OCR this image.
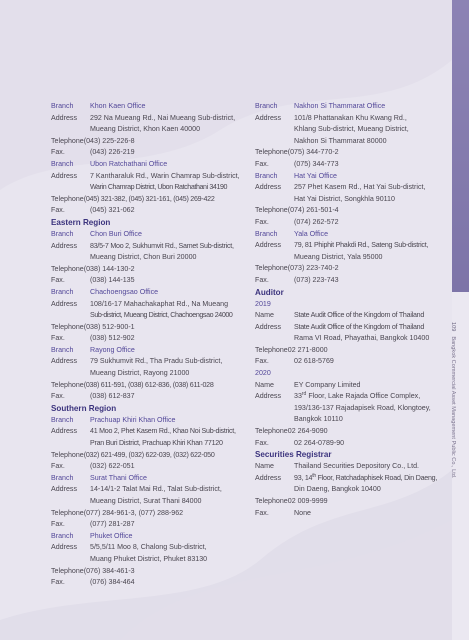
109Bangkok Commercial Asset Management Public Co., Ltd.
Branch	Khon Kaen Office
Address	292 Na Mueang Rd., Nai Mueang Sub-district,
Mueang District, Khon Kaen 40000
Telephone (043) 225-226-8
Fax.	(043) 226-219
Branch	Ubon Ratchathani Office
Address	7 Kantharaluk Rd., Warin Chamrap Sub-district,
Warin Chamrap District, Ubon Ratchathani 34190
Telephone (045) 321-382, (045) 321-161, (045) 269-422
Fax.	(045) 321-062
Eastern Region
Branch	Chon Buri Office
Address	83/5-7 Moo 2, Sukhumvit Rd., Samet Sub-district,
Mueang District, Chon Buri 20000
Telephone (038) 144-130-2
Fax.	(038) 144-135
Branch	Chachoengsao Office
Address	108/16-17 Mahachakaphat Rd., Na Mueang
Sub-district, Mueang District, Chachoengsao 24000
Telephone (038) 512-900-1
Fax.	(038) 512-902
Branch	Rayong Office
Address	79 Sukhumvit Rd., Tha Pradu Sub-district,
Mueang District, Rayong 21000
Telephone (038) 611-591, (038) 612-836, (038) 611-028
Fax.	(038) 612-837
Southern Region
Branch	Prachuap Khiri Khan Office
Address	41 Moo 2, Phet Kasem Rd., Khao Noi Sub-district,
Pran Buri District, Prachuap Khiri Khan 77120
Telephone (032) 621-499, (032) 622-039, (032) 622-050
Fax.	(032) 622-051
Branch	Surat Thani Office
Address	14-14/1-2 Talat Mai Rd., Talat Sub-district,
Mueang District, Surat Thani 84000
Telephone (077) 284-961-3, (077) 288-962
Fax.	(077) 281-287
Branch	Phuket Office
Address	5/5,5/11 Moo 8, Chalong Sub-district,
Muang Phuket District, Phuket 83130
Telephone (076) 384-461-3
Fax.	(076) 384-464
Branch	Nakhon Si Thammarat Office
Address	101/8 Phattanakan Khu Kwang Rd.,
Khlang Sub-district, Mueang District,
Nakhon Si Thammarat 80000
Telephone (075) 344-770-2
Fax.	(075) 344-773
Branch	Hat Yai Office
Address	257 Phet Kasem Rd., Hat Yai Sub-district,
Hat Yai District, Songkhla 90110
Telephone (074) 261-501-4
Fax.	(074) 262-572
Branch	Yala Office
Address	79, 81 Phiphit Phakdi Rd., Sateng Sub-district,
Mueang District, Yala 95000
Telephone (073) 223-740-2
Fax.	(073) 223-743
Auditor
2019
Name	State Audit Office of the Kingdom of Thailand
Address	State Audit Office of the Kingdom of Thailand
Rama VI Road, Phayathai, Bangkok 10400
Telephone 02 271-8000
Fax.	02 618-5769
2020
Name	EY Company Limited
Address	33rd Floor, Lake Rajada Office Complex,
193/136-137 Rajadapisek Road, Klongtoey,
Bangkok 10110
Telephone 02 264-9090
Fax.	02 264-0789-90
Securities Registrar
Name	Thailand Securities Depository Co., Ltd.
Address	93, 14th Floor, Ratchadaphisek Road, Din Daeng,
Din Daeng, Bangkok 10400
Telephone 02 009-9999
Fax.	None
